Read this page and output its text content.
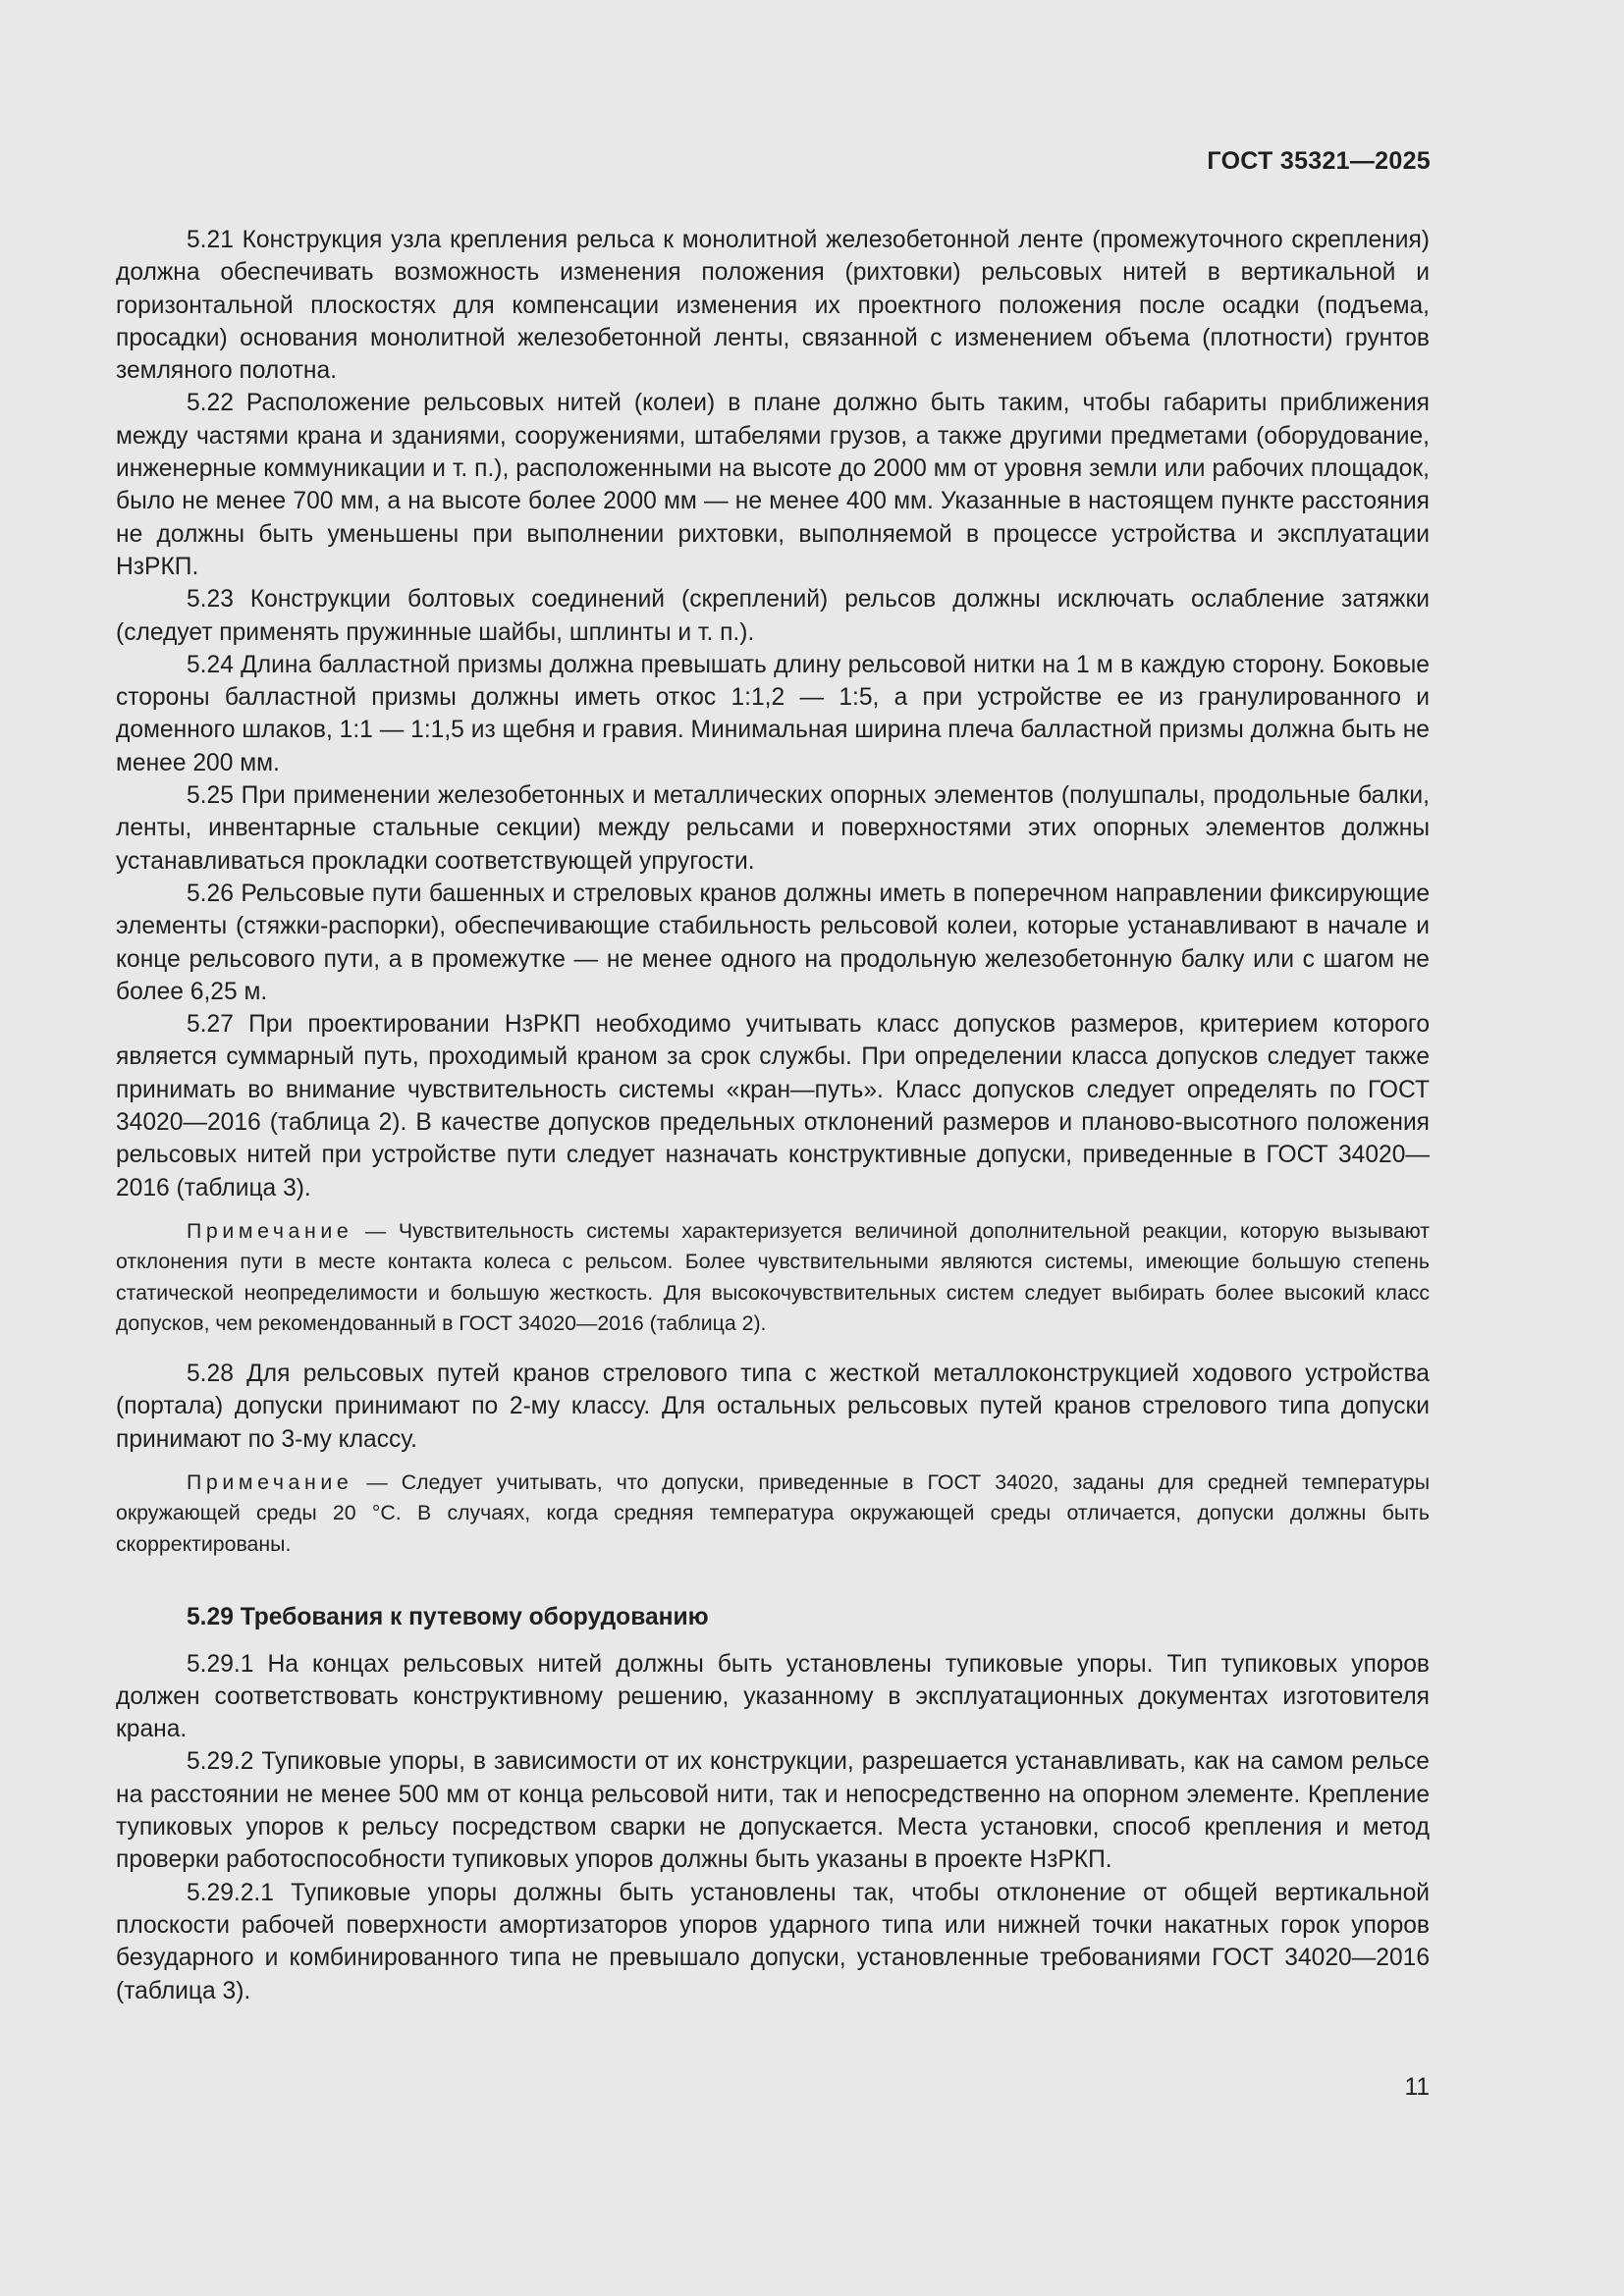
ГОСТ 35321—2025

5.21 Конструкция узла крепления рельса к монолитной железобетонной ленте (промежуточного скрепления) должна обеспечивать возможность изменения положения (рихтовки) рельсовых нитей в вертикальной и горизонтальной плоскостях для компенсации изменения их проектного положения после осадки (подъема, просадки) основания монолитной железобетонной ленты, связанной с изменением объема (плотности) грунтов земляного полотна.

5.22 Расположение рельсовых нитей (колеи) в плане должно быть таким, чтобы габариты приближения между частями крана и зданиями, сооружениями, штабелями грузов, а также другими предметами (оборудование, инженерные коммуникации и т. п.), расположенными на высоте до 2000 мм от уровня земли или рабочих площадок, было не менее 700 мм, а на высоте более 2000 мм — не менее 400 мм. Указанные в настоящем пункте расстояния не должны быть уменьшены при выполнении рихтовки, выполняемой в процессе устройства и эксплуатации НзРКП.

5.23 Конструкции болтовых соединений (скреплений) рельсов должны исключать ослабление затяжки (следует применять пружинные шайбы, шплинты и т. п.).

5.24 Длина балластной призмы должна превышать длину рельсовой нитки на 1 м в каждую сторону. Боковые стороны балластной призмы должны иметь откос 1:1,2 — 1:5, а при устройстве ее из гранулированного и доменного шлаков, 1:1 — 1:1,5 из щебня и гравия. Минимальная ширина плеча балластной призмы должна быть не менее 200 мм.

5.25 При применении железобетонных и металлических опорных элементов (полушпалы, продольные балки, ленты, инвентарные стальные секции) между рельсами и поверхностями этих опорных элементов должны устанавливаться прокладки соответствующей упругости.

5.26 Рельсовые пути башенных и стреловых кранов должны иметь в поперечном направлении фиксирующие элементы (стяжки-распорки), обеспечивающие стабильность рельсовой колеи, которые устанавливают в начале и конце рельсового пути, а в промежутке — не менее одного на продольную железобетонную балку или с шагом не более 6,25 м.

5.27 При проектировании НзРКП необходимо учитывать класс допусков размеров, критерием которого является суммарный путь, проходимый краном за срок службы. При определении класса допусков следует также принимать во внимание чувствительность системы «кран—путь». Класс допусков следует определять по ГОСТ 34020—2016 (таблица 2). В качестве допусков предельных отклонений размеров и планово-высотного положения рельсовых нитей при устройстве пути следует назначать конструктивные допуски, приведенные в ГОСТ 34020—2016 (таблица 3).

Примечание — Чувствительность системы характеризуется величиной дополнительной реакции, которую вызывают отклонения пути в месте контакта колеса с рельсом. Более чувствительными являются системы, имеющие большую степень статической неопределимости и большую жесткость. Для высокочувствительных систем следует выбирать более высокий класс допусков, чем рекомендованный в ГОСТ 34020—2016 (таблица 2).

5.28 Для рельсовых путей кранов стрелового типа с жесткой металлоконструкцией ходового устройства (портала) допуски принимают по 2-му классу. Для остальных рельсовых путей кранов стрелового типа допуски принимают по 3-му классу.

Примечание — Следует учитывать, что допуски, приведенные в ГОСТ 34020, заданы для средней температуры окружающей среды 20 °С. В случаях, когда средняя температура окружающей среды отличается, допуски должны быть скорректированы.

5.29 Требования к путевому оборудованию

5.29.1 На концах рельсовых нитей должны быть установлены тупиковые упоры. Тип тупиковых упоров должен соответствовать конструктивному решению, указанному в эксплуатационных документах изготовителя крана.

5.29.2 Тупиковые упоры, в зависимости от их конструкции, разрешается устанавливать, как на самом рельсе на расстоянии не менее 500 мм от конца рельсовой нити, так и непосредственно на опорном элементе. Крепление тупиковых упоров к рельсу посредством сварки не допускается. Места установки, способ крепления и метод проверки работоспособности тупиковых упоров должны быть указаны в проекте НзРКП.

5.29.2.1 Тупиковые упоры должны быть установлены так, чтобы отклонение от общей вертикальной плоскости рабочей поверхности амортизаторов упоров ударного типа или нижней точки накатных горок упоров безударного и комбинированного типа не превышало допуски, установленные требованиями ГОСТ 34020—2016 (таблица 3).

11
